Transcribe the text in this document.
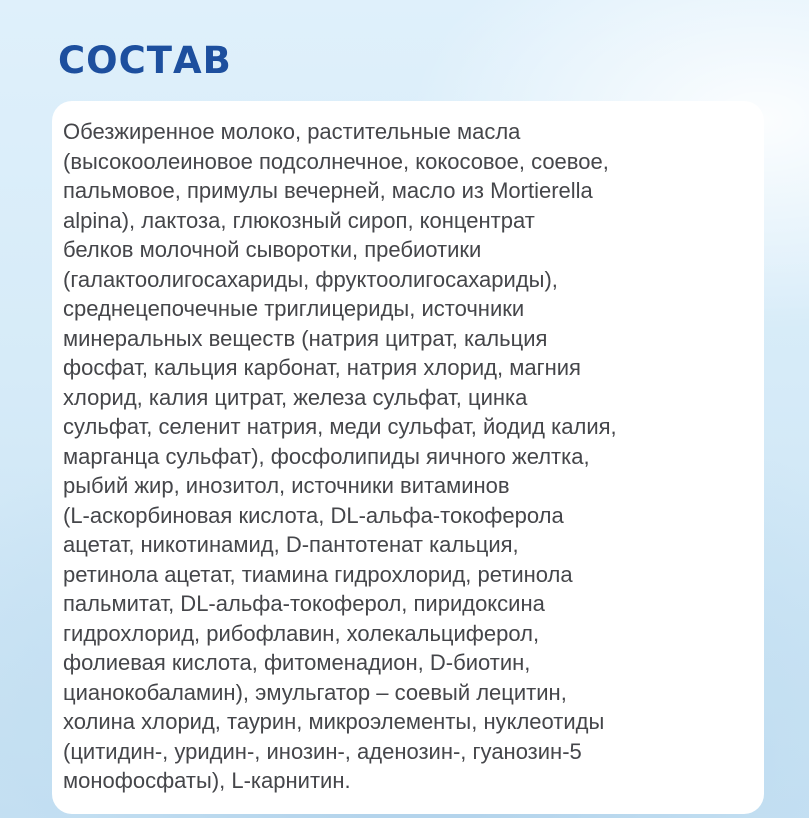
СОСТАВ

Обезжиренное молоко, растительные масла
(высокоолеиновое подсолнечное, кокосовое, соевое,
пальмовое, примулы вечерней, масло из Mortierella
alpina), лактоза, глюкозный сироп, концентрат
белков молочной сыворотки, пребиотики
(галактоолигосахариды, фруктоолигосахариды),
среднецепочечные триглицериды, источники
минеральных веществ (натрия цитрат, кальция
фосфат, кальция карбонат, натрия хлорид, магния
хлорид, калия цитрат, железа сульфат, цинка
сульфат, селенит натрия, меди сульфат, йодид калия,
марганца сульфат), фосфолипиды яичного желтка,
рыбий жир, инозитол, источники витаминов
(L-аскорбиновая кислота, DL-альфа-токоферола
ацетат, никотинамид, D-пантотенат кальция,
ретинола ацетат, тиамина гидрохлорид, ретинола
пальмитат, DL-альфа-токоферол, пиридоксина
гидрохлорид, рибофлавин, холекальциферол,
фолиевая кислота, фитоменадион, D-биотин,
цианокобаламин), эмульгатор – соевый лецитин,
холина хлорид, таурин, микроэлементы, нуклеотиды
(цитидин-, уридин-, инозин-, аденозин-, гуанозин-5
монофосфаты), L-карнитин.
